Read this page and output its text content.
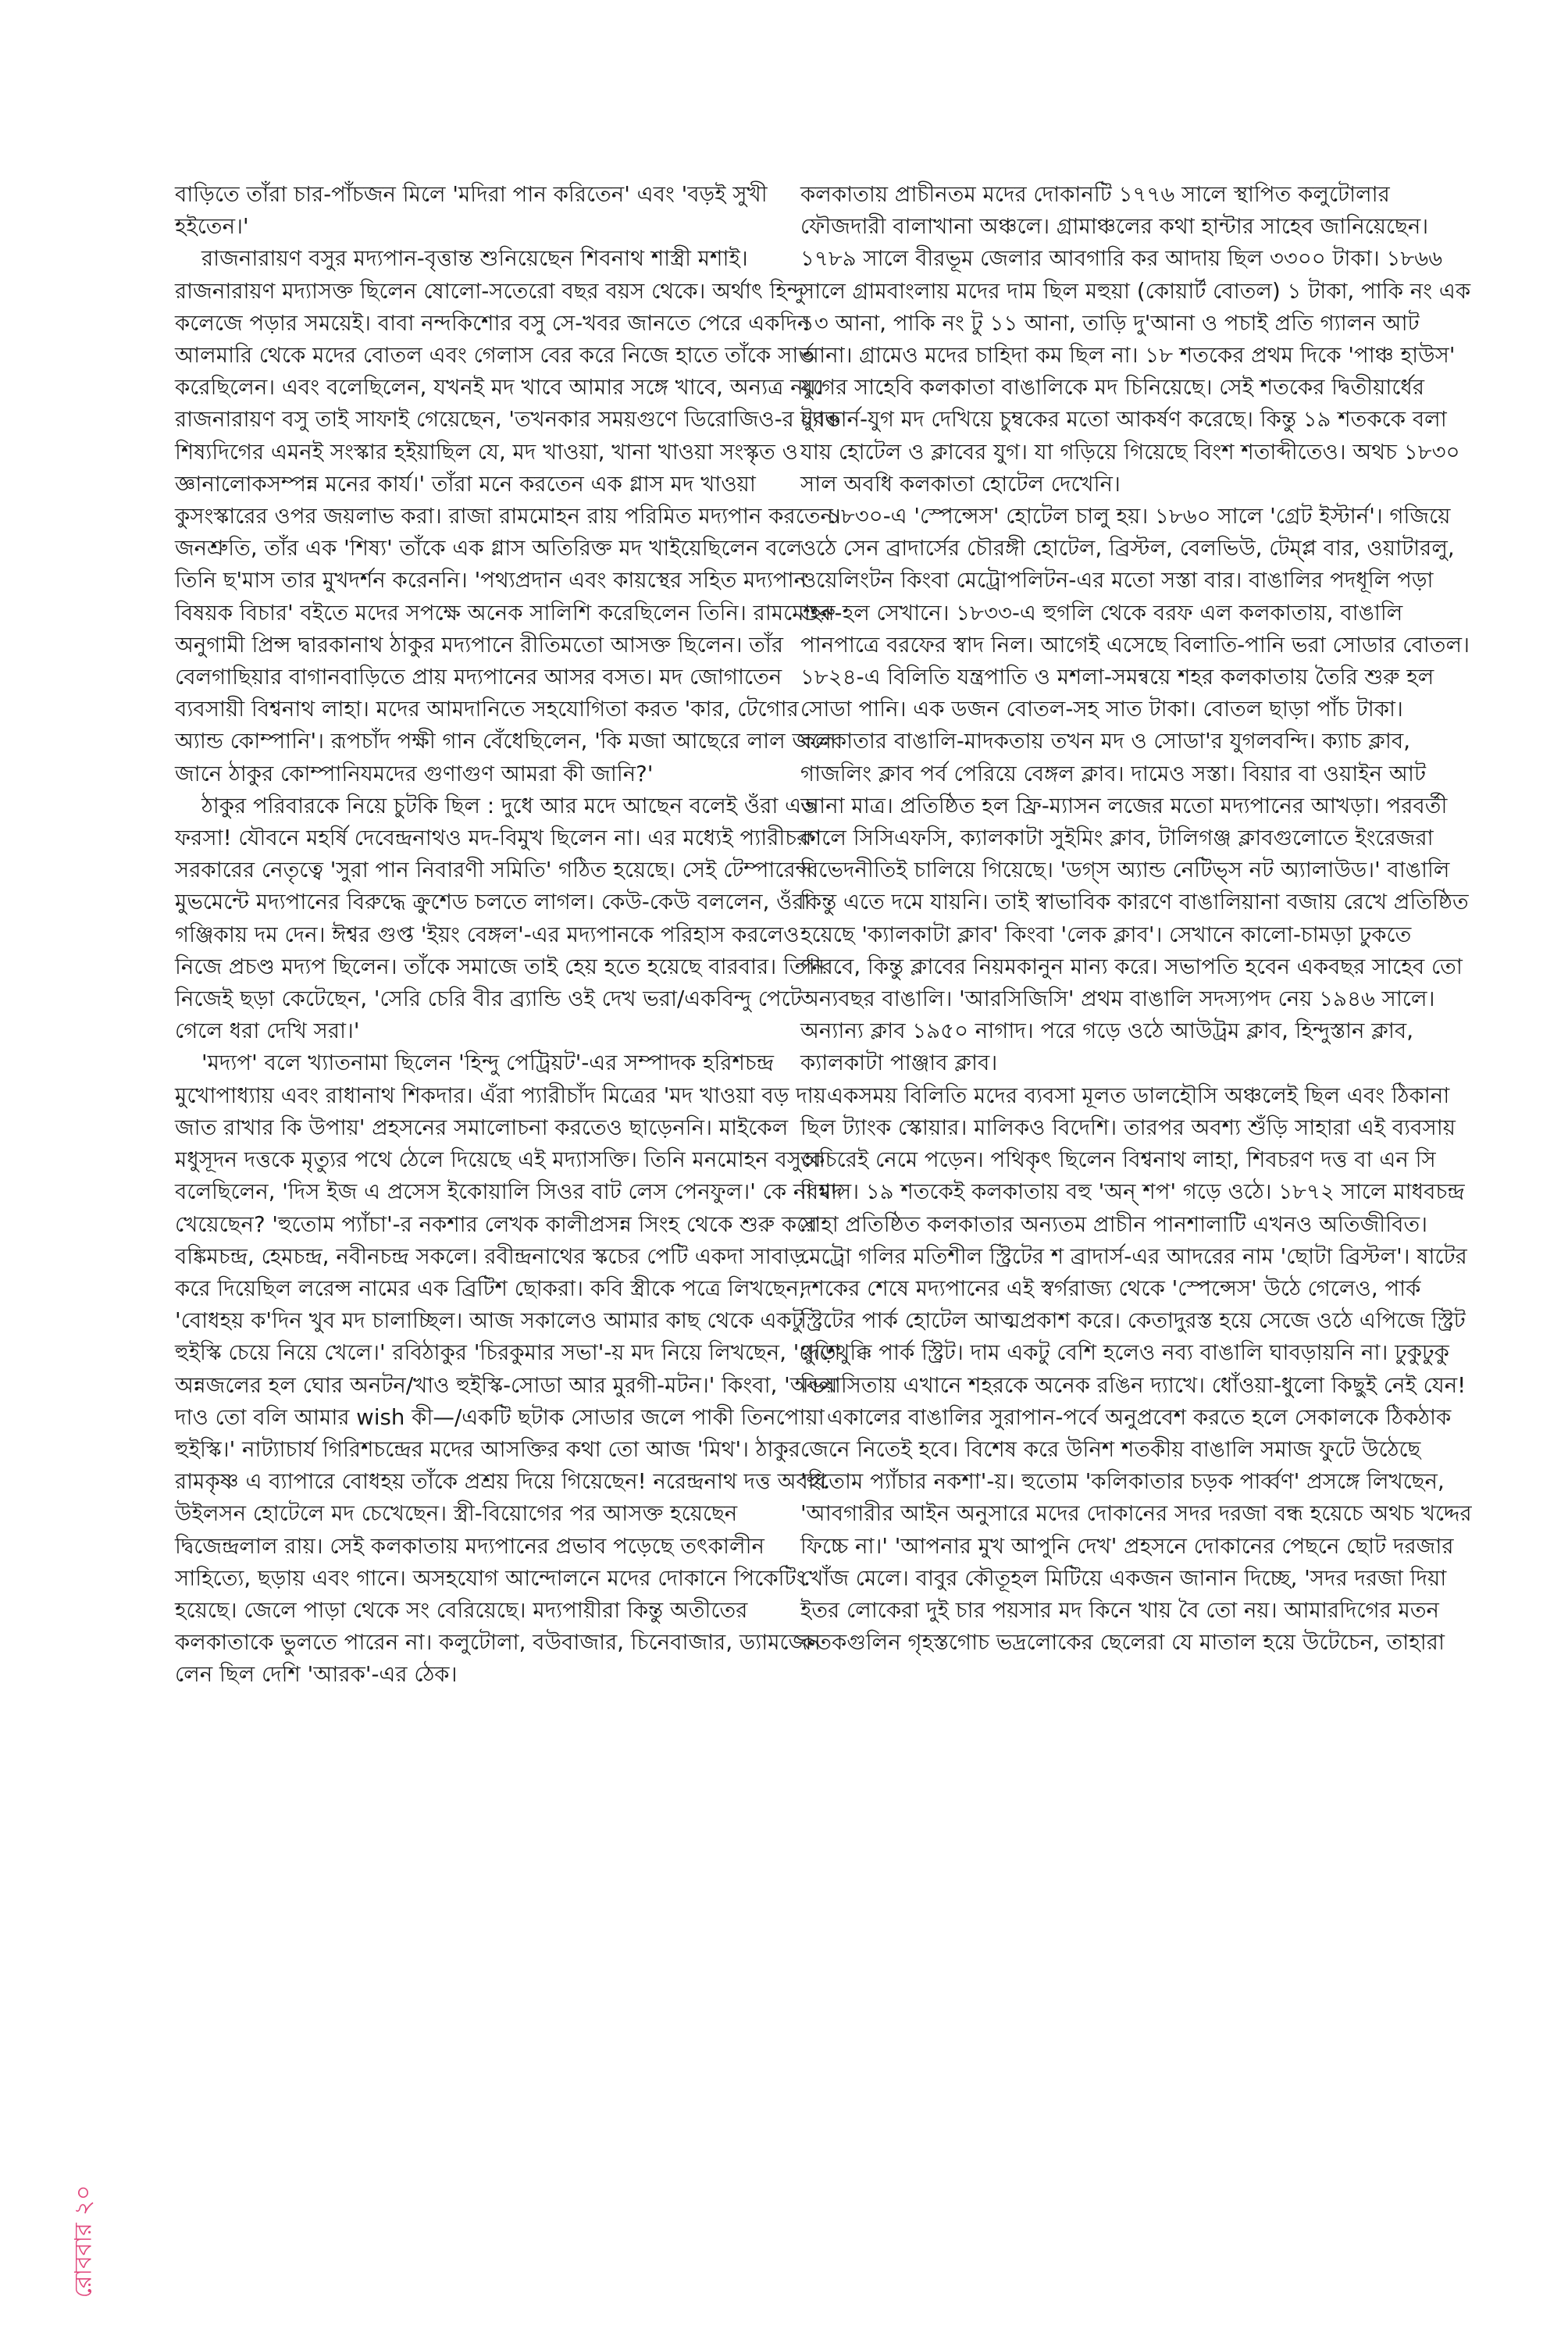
বাড়িতে তাঁরা চার-পাঁচজন মিলে 'মদিরা পান করিতেন' এবং 'বড়ই সুখী হইতেন।'

রাজনারায়ণ বসুর মদ্যপান-বৃত্তান্ত শুনিয়েছেন শিবনাথ শাস্ত্রী মশাই। রাজনারায়ণ মদ্যাসক্ত ছিলেন ষোলো-সতেরো বছর বয়স থেকে। অর্থাৎ হিন্দু কলেজে পড়ার সময়েই। বাবা নন্দকিশোর বসু সে-খবর জানতে পেরে একদিন আলমারি থেকে মদের বোতল এবং গেলাস বের করে নিজে হাতে তাঁকে সার্ভ করেছিলেন। এবং বলেছিলেন, যখনই মদ খাবে আমার সঙ্গে খাবে, অন্যত্র নয়। রাজনারায়ণ বসু তাই সাফাই গেয়েছেন, 'তখনকার সময়গুণে ডিরোজিও-র যুবক শিষ্যদিগের এমনই সংস্কার হইয়াছিল যে, মদ খাওয়া, খানা খাওয়া সংস্কৃত ও জ্ঞানালোকসম্পন্ন মনের কার্য।' তাঁরা মনে করতেন এক গ্লাস মদ খাওয়া কুসংস্কারের ওপর জয়লাভ করা। রাজা রামমোহন রায় পরিমিত মদ্যপান করতেন। জনশ্রুতি, তাঁর এক 'শিষ্য' তাঁকে এক গ্লাস অতিরিক্ত মদ খাইয়েছিলেন বলে তিনি ছ'মাস তার মুখদর্শন করেননি। 'পথ্যপ্রদান এবং কায়স্থের সহিত মদ্যপান বিষয়ক বিচার' বইতে মদের সপক্ষে অনেক সালিশি করেছিলেন তিনি। রামমোহন-অনুগামী প্রিন্স দ্বারকানাথ ঠাকুর মদ্যপানে রীতিমতো আসক্ত ছিলেন। তাঁর বেলগাছিয়ার বাগানবাড়িতে প্রায় মদ্যপানের আসর বসত। মদ জোগাতেন ব্যবসায়ী বিশ্বনাথ লাহা। মদের আমদানিতে সহযোগিতা করত 'কার, টেগোর অ্যান্ড কোম্পানি'। রূপচাঁদ পক্ষী গান বেঁধেছিলেন, 'কি মজা আছেরে লাল জলে জানে ঠাকুর কোম্পানিযমদের গুণাগুণ আমরা কী জানি?'

ঠাকুর পরিবারকে নিয়ে চুটকি ছিল : দুধে আর মদে আছেন বলেই ওঁরা এত ফরসা! যৌবনে মহর্ষি দেবেন্দ্রনাথও মদ-বিমুখ ছিলেন না। এর মধ্যেই প্যারীচরণ সরকারের নেতৃত্বে 'সুরা পান নিবারণী সমিতি' গঠিত হয়েছে। সেই টেম্পারেন্স মুভমেন্টে মদ্যপানের বিরুদ্ধে ক্রুশেড চলতে লাগল। কেউ-কেউ বললেন, ওঁরা গঞ্জিকায় দম দেন। ঈশ্বর গুপ্ত 'ইয়ং বেঙ্গল'-এর মদ্যপানকে পরিহাস করলেও নিজে প্রচণ্ড মদ্যপ ছিলেন। তাঁকে সমাজে তাই হেয় হতে হয়েছে বারবার। তিনি নিজেই ছড়া কেটেছেন, 'সেরি চেরি বীর ব্র্যান্ডি ওই দেখ ভরা/একবিন্দু পেটে গেলে ধরা দেখি সরা।'

'মদ্যপ' বলে খ্যাতনামা ছিলেন 'হিন্দু পেট্রিয়ট'-এর সম্পাদক হরিশচন্দ্র মুখোপাধ্যায় এবং রাধানাথ শিকদার। এঁরা প্যারীচাঁদ মিত্রের 'মদ খাওয়া বড় দায় জাত রাখার কি উপায়' প্রহসনের সমালোচনা করতেও ছাড়েননি। মাইকেল মধুসূদন দত্তকে মৃত্যুর পথে ঠেলে দিয়েছে এই মদ্যাসক্তি। তিনি মনমোহন বসুকে বলেছিলেন, 'দিস ইজ এ প্রসেস ইকোয়ালি সিওর বাট লেস পেনফুল।' কে না মদ খেয়েছেন? 'হুতোম প্যাঁচা'-র নকশার লেখক কালীপ্রসন্ন সিংহ থেকে শুরু করে বঙ্কিমচন্দ্র, হেমচন্দ্র, নবীনচন্দ্র সকলে। রবীন্দ্রনাথের স্কচের পেটি একদা সাবাড় করে দিয়েছিল লরেন্স নামের এক ব্রিটিশ ছোকরা। কবি স্ত্রীকে পত্রে লিখছেন, 'বোধহয় ক'দিন খুব মদ চালাচ্ছিল। আজ সকালেও আমার কাছ থেকে একটু হুইস্কি চেয়ে নিয়ে খেলে।' রবিঠাকুর 'চিরকুমার সভা'-য় মদ নিয়ে লিখছেন, 'দেশে অন্নজলের হল ঘোর অনটন/খাও হুইস্কি-সোডা আর মুরগী-মটন।' কিংবা, 'অভয় দাও তো বলি আমার wish কী—/একটি ছটাক সোডার জলে পাকী তিনপোয়া হুইস্কি।' নাট্যাচার্য গিরিশচন্দ্রের মদের আসক্তির কথা তো আজ 'মিথ'। ঠাকুর রামকৃষ্ণ এ ব্যাপারে বোধহয় তাঁকে প্রশ্রয় দিয়ে গিয়েছেন! নরেন্দ্রনাথ দত্ত অবধি উইলসন হোটেলে মদ চেখেছেন। স্ত্রী-বিয়োগের পর আসক্ত হয়েছেন দ্বিজেন্দ্রলাল রায়। সেই কলকাতায় মদ্যপানের প্রভাব পড়েছে তৎকালীন সাহিত্যে, ছড়ায় এবং গানে। অসহযোগ আন্দোলনে মদের দোকানে পিকেটিং হয়েছে। জেলে পাড়া থেকে সং বেরিয়েছে। মদ্যপায়ীরা কিন্তু অতীতের কলকাতাকে ভুলতে পারেন না। কলুটোলা, বউবাজার, চিনেবাজার, ড্যামজেন লেন ছিল দেশি 'আরক'-এর ঠেক।

কলকাতায় প্রাচীনতম মদের দোকানটি ১৭৭৬ সালে স্থাপিত কলুটোলার ফৌজদারী বালাখানা অঞ্চলে। গ্রামাঞ্চলের কথা হান্টার সাহেব জানিয়েছেন। ১৭৮৯ সালে বীরভূম জেলার আবগারি কর আদায় ছিল ৩৩০০ টাকা। ১৮৬৬ সালে গ্রামবাংলায় মদের দাম ছিল মহুয়া (কোয়ার্ট বোতল) ১ টাকা, পাকি নং এক ১৩ আনা, পাকি নং টু ১১ আনা, তাড়ি দু'আনা ও পচাই প্রতি গ্যালন আট আনা। গ্রামেও মদের চাহিদা কম ছিল না। ১৮ শতকের প্রথম দিকে 'পাঞ্চ হাউস' যুগের সাহেবি কলকাতা বাঙালিকে মদ চিনিয়েছে। সেই শতকের দ্বিতীয়ার্ধের ট্যাভার্ন-যুগ মদ দেখিয়ে চুম্বকের মতো আকর্ষণ করেছে। কিন্তু ১৯ শতককে বলা যায় হোটেল ও ক্লাবের যুগ। যা গড়িয়ে গিয়েছে বিংশ শতাব্দীতেও। অথচ ১৮৩০ সাল অবধি কলকাতা হোটেল দেখেনি।

১৮৩০-এ 'স্পেন্সেস' হোটেল চালু হয়। ১৮৬০ সালে 'গ্রেট ইস্টার্ন'। গজিয়ে ওঠে সেন ব্রাদার্সের চৌরঙ্গী হোটেল, ব্রিস্টল, বেলভিউ, টেম্প্ল বার, ওয়াটারলু, ওয়েলিংটন কিংবা মেট্রোপলিটন-এর মতো সস্তা বার। বাঙালির পদধূলি পড়া শুরু হল সেখানে। ১৮৩৩-এ হুগলি থেকে বরফ এল কলকাতায়, বাঙালি পানপাত্রে বরফের স্বাদ নিল। আগেই এসেছে বিলাতি-পানি ভরা সোডার বোতল। ১৮২৪-এ বিলিতি যন্ত্রপাতি ও মশলা-সমন্বয়ে শহর কলকাতায় তৈরি শুরু হল সোডা পানি। এক ডজন বোতল-সহ সাত টাকা। বোতল ছাড়া পাঁচ টাকা। কলকাতার বাঙালি-মাদকতায় তখন মদ ও সোডা'র যুগলবন্দি। ক্যাচ ক্লাব, গাজলিং ক্লাব পর্ব পেরিয়ে বেঙ্গল ক্লাব। দামেও সস্তা। বিয়ার বা ওয়াইন আট আনা মাত্র। প্রতিষ্ঠিত হল ফ্রি-ম্যাসন লজের মতো মদ্যপানের আখড়া। পরবর্তী কালে সিসিএফসি, ক্যালকাটা সুইমিং ক্লাব, টালিগঞ্জ ক্লাবগুলোতে ইংরেজরা বিভেদনীতিই চালিয়ে গিয়েছে। 'ডগ্‌স অ্যান্ড নেটিভ্‌স নট অ্যালাউড।' বাঙালি কিন্তু এতে দমে যায়নি। তাই স্বাভাবিক কারণে বাঙালিয়ানা বজায় রেখে প্রতিষ্ঠিত হয়েছে 'ক্যালকাটা ক্লাব' কিংবা 'লেক ক্লাব'। সেখানে কালো-চামড়া ঢুকতে পারবে, কিন্তু ক্লাবের নিয়মকানুন মান্য করে। সভাপতি হবেন একবছর সাহেব তো অন্যবছর বাঙালি। 'আরসিজিসি' প্রথম বাঙালি সদস্যপদ নেয় ১৯৪৬ সালে। অন্যান্য ক্লাব ১৯৫০ নাগাদ। পরে গড়ে ওঠে আউট্রম ক্লাব, হিন্দুস্তান ক্লাব, ক্যালকাটা পাঞ্জাব ক্লাব।

একসময় বিলিতি মদের ব্যবসা মূলত ডালহৌসি অঞ্চলেই ছিল এবং ঠিকানা ছিল ট্যাংক স্কোয়ার। মালিকও বিদেশি। তারপর অবশ্য শুঁড়ি সাহারা এই ব্যবসায় অচিরেই নেমে পড়েন। পথিকৃৎ ছিলেন বিশ্বনাথ লাহা, শিবচরণ দত্ত বা এন সি বিশ্বাস। ১৯ শতকেই কলকাতায় বহু 'অন্ শপ' গড়ে ওঠে। ১৮৭২ সালে মাধবচন্দ্র সাহা প্রতিষ্ঠিত কলকাতার অন্যতম প্রাচীন পানশালাটি এখনও অতিজীবিত। মেট্রো গলির মতিশীল স্ট্রিটের শ ব্রাদার্স-এর আদরের নাম 'ছোটা ব্রিস্টল'। ষাটের দশকের শেষে মদ্যপানের এই স্বর্গরাজ্য থেকে 'স্পেন্সেস' উঠে গেলেও, পার্ক স্ট্রিটের পার্ক হোটেল আত্মপ্রকাশ করে। কেতাদুরস্ত হয়ে সেজে ওঠে এপিজে স্ট্রিট থুড়িথুক্কি পার্ক স্ট্রিট। দাম একটু বেশি হলেও নব্য বাঙালি ঘাবড়ায়নি না। ঢুকুঢুকু বিলাসিতায় এখানে শহরকে অনেক রঙিন দ্যাখে। ধোঁওয়া-ধুলো কিছুই নেই যেন!

একালের বাঙালির সুরাপান-পর্বে অনুপ্রবেশ করতে হলে সেকালকে ঠিকঠাক জেনে নিতেই হবে। বিশেষ করে উনিশ শতকীয় বাঙালি সমাজ ফুটে উঠেছে 'হুতোম প্যাঁচার নকশা'-য়। হুতোম 'কলিকাতার চড়ক পার্ব্বণ' প্রসঙ্গে লিখছেন, 'আবগারীর আইন অনুসারে মদের দোকানের সদর দরজা বন্ধ হয়েচে অথচ খদ্দের ফিচ্চে না।' 'আপনার মুখ আপুনি দেখ' প্রহসনে দোকানের পেছনে ছোট দরজার খোঁজ মেলে। বাবুর কৌতূহল মিটিয়ে একজন জানান দিচ্ছে, 'সদর দরজা দিয়া ইতর লোকেরা দুই চার পয়সার মদ কিনে খায় বৈ তো নয়। আমারদিগের মতন কতকগুলিন গৃহস্তগোচ ভদ্রলোকের ছেলেরা যে মাতাল হয়ে উটেচেন, তাহারা

রোববার ২০
